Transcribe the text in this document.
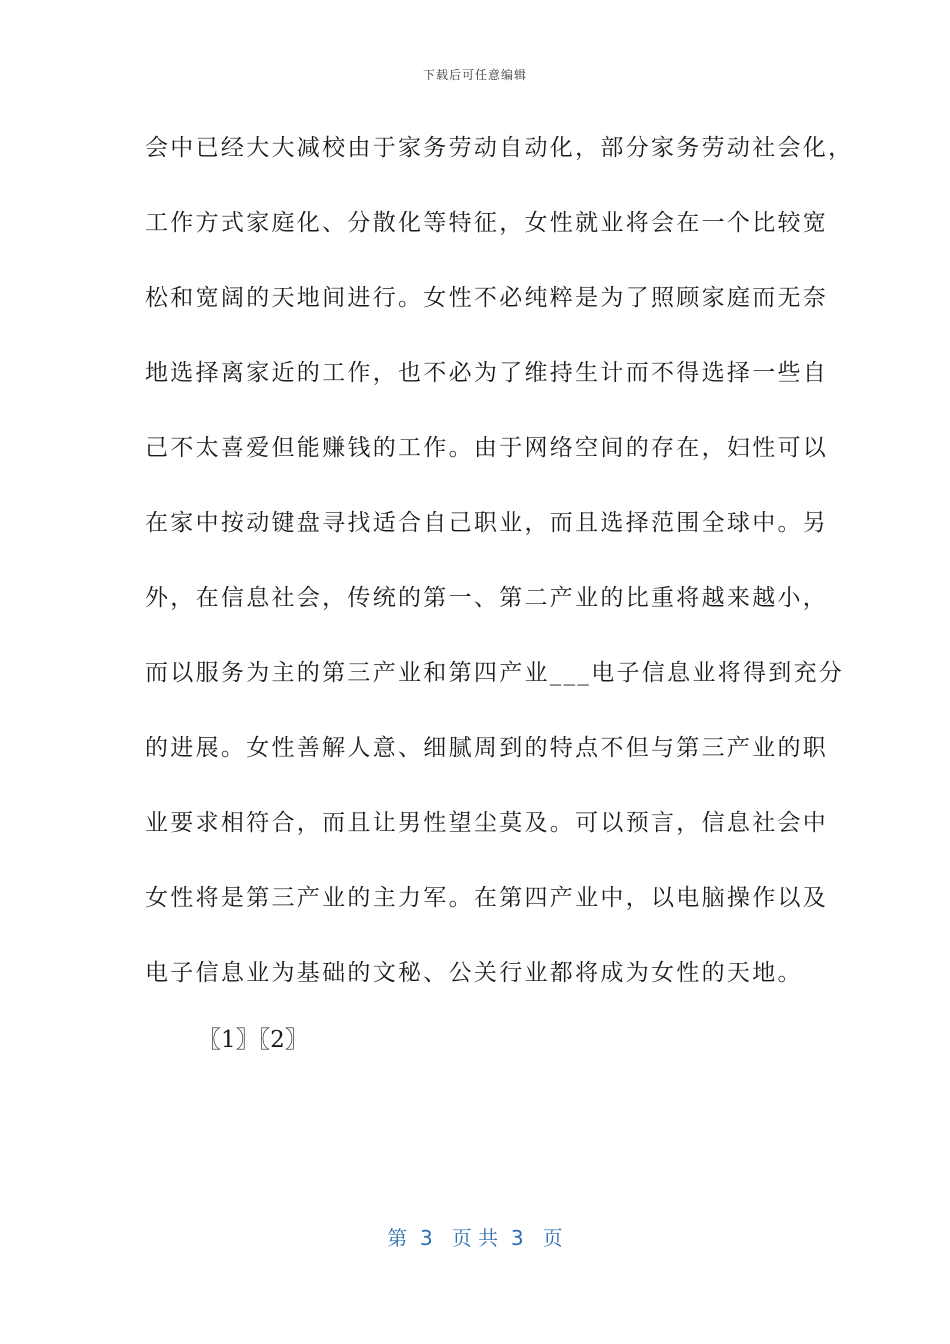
下载后可任意编辑
会中已经大大减校由于家务劳动自动化，部分家务劳动社会化，
工作方式家庭化、分散化等特征，女性就业将会在一个比较宽
松和宽阔的天地间进行。女性不必纯粹是为了照顾家庭而无奈
地选择离家近的工作，也不必为了维持生计而不得选择一些自
己不太喜爱但能赚钱的工作。由于网络空间的存在，妇性可以
在家中按动键盘寻找适合自己职业，而且选择范围全球中。另
外，在信息社会，传统的第一、第二产业的比重将越来越小，
而以服务为主的第三产业和第四产业___电子信息业将得到充分
的进展。女性善解人意、细腻周到的特点不但与第三产业的职
业要求相符合，而且让男性望尘莫及。可以预言，信息社会中
女性将是第三产业的主力军。在第四产业中，以电脑操作以及
电子信息业为基础的文秘、公关行业都将成为女性的天地。
〖1〗〖2〗
第  3   页 共  3   页
